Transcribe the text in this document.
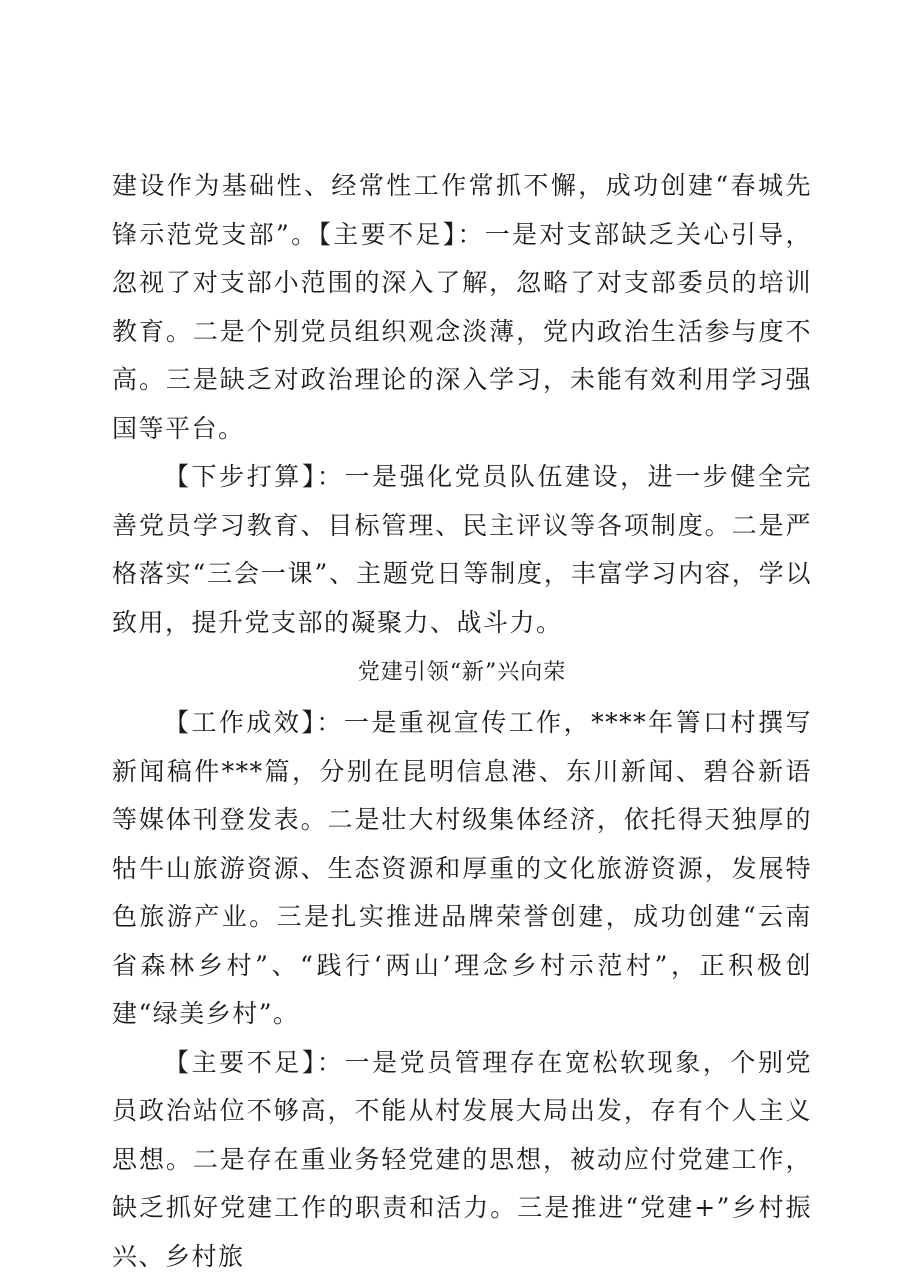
建设作为基础性、经常性工作常抓不懈，成功创建“春城先锋示范党支部”。【主要不足】：一是对支部缺乏关心引导，忽视了对支部小范围的深入了解，忽略了对支部委员的培训教育。二是个别党员组织观念淡薄，党内政治生活参与度不高。三是缺乏对政治理论的深入学习，未能有效利用学习强国等平台。

【下步打算】：一是强化党员队伍建设，进一步健全完善党员学习教育、目标管理、民主评议等各项制度。二是严格落实“三会一课”、主题党日等制度，丰富学习内容，学以致用，提升党支部的凝聚力、战斗力。

党建引领“新”兴向荣

【工作成效】：一是重视宣传工作，****年箐口村撰写新闻稿件***篇，分别在昆明信息港、东川新闻、碧谷新语等媒体刊登发表。二是壮大村级集体经济，依托得天独厚的牯牛山旅游资源、生态资源和厚重的文化旅游资源，发展特色旅游产业。三是扎实推进品牌荣誉创建，成功创建“云南省森林乡村”、“践行‘两山’理念乡村示范村”，正积极创建“绿美乡村”。

【主要不足】：一是党员管理存在宽松软现象，个别党员政治站位不够高，不能从村发展大局出发，存有个人主义思想。二是存在重业务轻党建的思想，被动应付党建工作，缺乏抓好党建工作的职责和活力。三是推进“党建+”乡村振兴、乡村旅
